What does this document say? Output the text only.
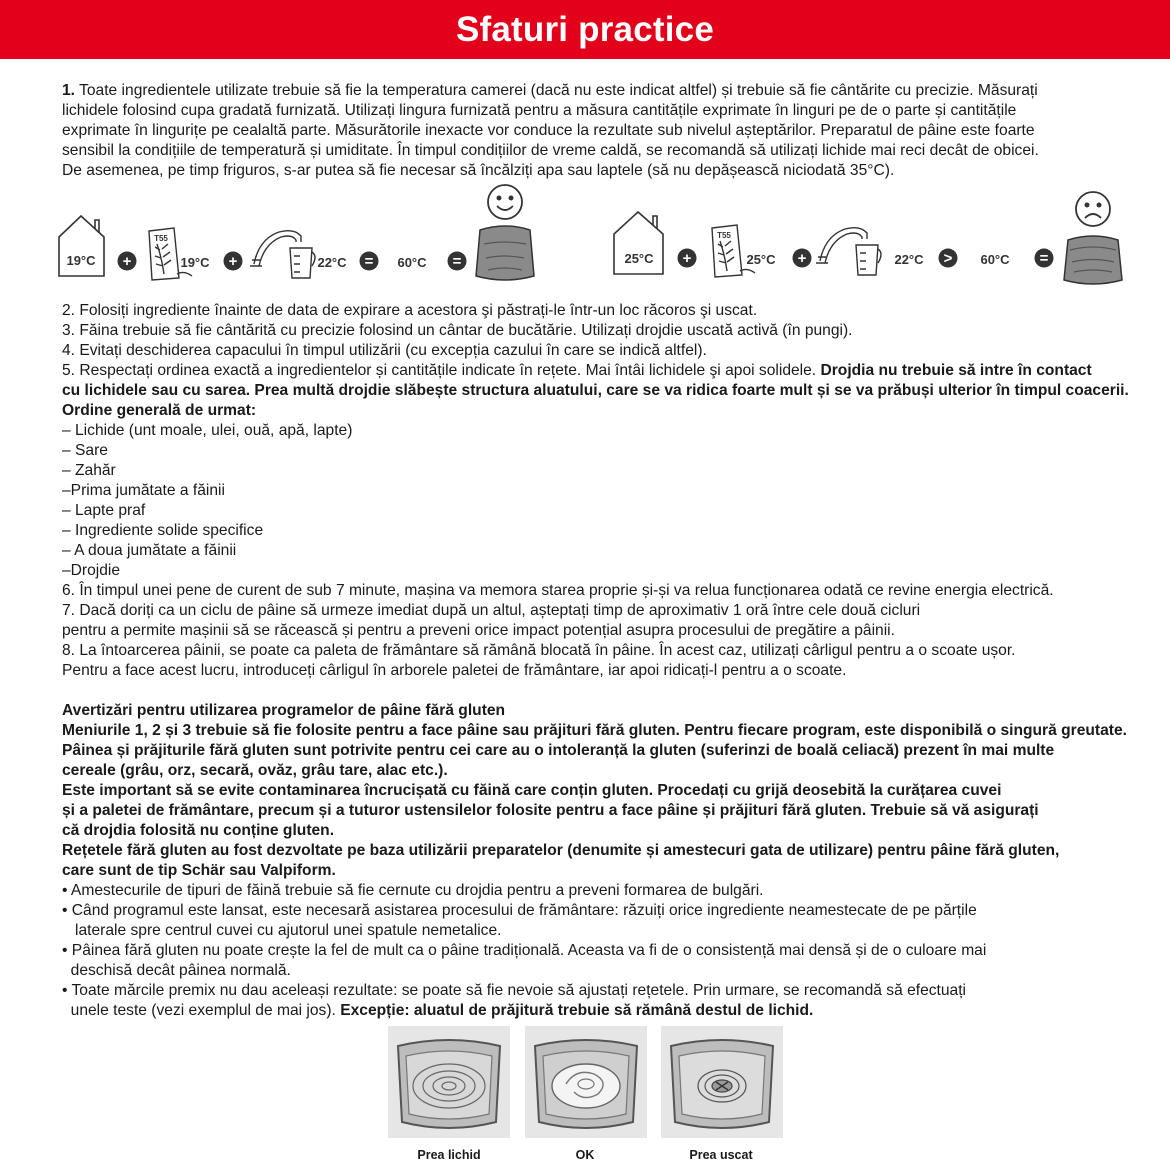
Sfaturi practice
1. Toate ingredientele utilizate trebuie să fie la temperatura camerei (dacă nu este indicat altfel) și trebuie să fie cântărite cu precizie. Măsurați
lichidele folosind cupa gradată furnizată. Utilizați lingura furnizată pentru a măsura cantitățile exprimate în linguri pe de o parte și cantitățile
exprimate în lingurițe pe cealaltă parte. Măsurătorile inexacte vor conduce la rezultate sub nivelul așteptărilor. Preparatul de pâine este foarte
sensibil la condițiile de temperatură și umiditate. În timpul condițiilor de vreme caldă, se recomandă să utilizați lichide mai reci decât de obicei.
De asemenea, pe timp friguros, s-ar putea să fie necesar să încălziți apa sau laptele (să nu depășească niciodată 35°C).
19°C +
T55
19°C +	22°C = 60°C =	25°C +
T55
25°C +	22°C > 60°C =
2. Folosiți ingrediente înainte de data de expirare a acestora şi păstrați-le într-un loc răcoros şi uscat.
3. Făina trebuie să fie cântărită cu precizie folosind un cântar de bucătărie. Utilizați drojdie uscată activă (în pungi).
4. Evitați deschiderea capacului în timpul utilizării (cu excepția cazului în care se indică altfel).
5. Respectați ordinea exactă a ingredientelor și cantitățile indicate în rețete. Mai întâi lichidele şi apoi solidele. Drojdia nu trebuie să intre în contact
cu lichidele sau cu sarea. Prea multă drojdie slăbește structura aluatului, care se va ridica foarte mult și se va prăbuși ulterior în timpul coacerii.
Ordine generală de urmat:
– Lichide (unt moale, ulei, ouă, apă, lapte)
– Sare
– Zahăr
–Prima jumătate a făinii
– Lapte praf
– Ingrediente solide specifice
– A doua jumătate a făinii
–Drojdie
6. În timpul unei pene de curent de sub 7 minute, mașina va memora starea proprie și-și va relua funcționarea odată ce revine energia electrică.
7. Dacă doriți ca un ciclu de pâine să urmeze imediat după un altul, așteptați timp de aproximativ 1 oră între cele două cicluri
pentru a permite mașinii să se răcească și pentru a preveni orice impact potențial asupra procesului de pregătire a pâinii.
8. La întoarcerea pâinii, se poate ca paleta de frământare să rămână blocată în pâine. În acest caz, utilizați cârligul pentru a o scoate ușor.
Pentru a face acest lucru, introduceți cârligul în arborele paletei de frământare, iar apoi ridicați-l pentru a o scoate.
Avertizări pentru utilizarea programelor de pâine fără gluten
Meniurile 1, 2 și 3 trebuie să fie folosite pentru a face pâine sau prăjituri fără gluten. Pentru fiecare program, este disponibilă o singură greutate.
Pâinea și prăjiturile fără gluten sunt potrivite pentru cei care au o intoleranță la gluten (suferinzi de boală celiacă) prezent în mai multe
cereale (grâu, orz, secară, ovăz, grâu tare, alac etc.).
Este important să se evite contaminarea încrucișată cu făină care conțin gluten. Procedați cu grijă deosebită la curățarea cuvei
și a paletei de frământare, precum și a tuturor ustensilelor folosite pentru a face pâine și prăjituri fără gluten. Trebuie să vă asigurați
că drojdia folosită nu conține gluten.
Rețetele fără gluten au fost dezvoltate pe baza utilizării preparatelor (denumite și amestecuri gata de utilizare) pentru pâine fără gluten,
care sunt de tip Schär sau Valpiform.
• Amestecurile de tipuri de făină trebuie să fie cernute cu drojdia pentru a preveni formarea de bulgări.
• Când programul este lansat, este necesară asistarea procesului de frământare: răzuiți orice ingrediente neamestecate de pe părțile
laterale spre centrul cuvei cu ajutorul unei spatule nemetalice.
• Pâinea fără gluten nu poate crește la fel de mult ca o pâine tradițională. Aceasta va fi de o consistență mai densă și de o culoare mai
deschisă decât pâinea normală.
• Toate mărcile premix nu dau aceleași rezultate: se poate să fie nevoie să ajustați rețetele. Prin urmare, se recomandă să efectuați
unele teste (vezi exemplul de mai jos). Excepție: aluatul de prăjitură trebuie să rămână destul de lichid.
Prea lichid	OK	Prea uscat
